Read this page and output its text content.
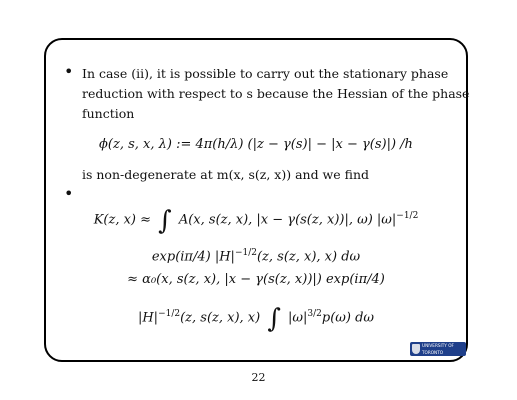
• In case (ii), it is possible to carry out the stationary phase
reduction with respect to s because the Hessian of the phase
function
ϕ(z, s, x, λ) := 4π(h/λ) (|z − γ(s)| − |x − γ(s)|) /h
is non-degenerate at m(x, s(z, x)) and we find
•
K(z, x) ≈ ∫ A(x, s(z, x), |x − γ(s(z, x))|, ω) $|\omega|^{-1/2}$
exp(iπ/4) $|H|^{-1/2}(z$, s(z, x), x) dω
≈ α₀(x, s(z, x), |x − γ(s(z, x))|) exp(iπ/4)
$|H|^{-1/2}(z$, s(z, x), x) ∫ $|\omega|^{3/2}p(\omega)$ dω
UNIVERSITY OF TORONTO
22
